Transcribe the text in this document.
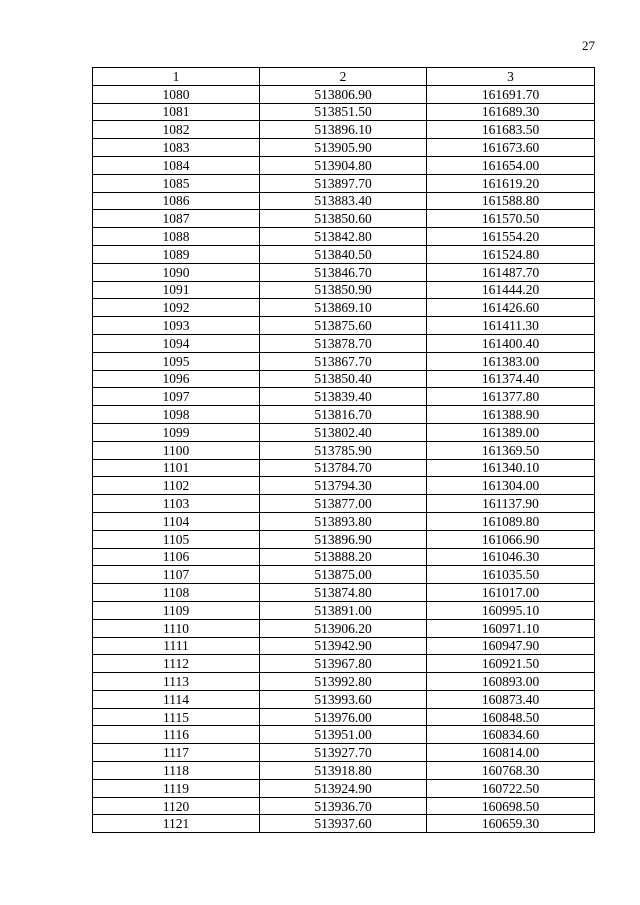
27
1	2	3
1080	513806.90	161691.70
1081	513851.50	161689.30
1082	513896.10	161683.50
1083	513905.90	161673.60
1084	513904.80	161654.00
1085	513897.70	161619.20
1086	513883.40	161588.80
1087	513850.60	161570.50
1088	513842.80	161554.20
1089	513840.50	161524.80
1090	513846.70	161487.70
1091	513850.90	161444.20
1092	513869.10	161426.60
1093	513875.60	161411.30
1094	513878.70	161400.40
1095	513867.70	161383.00
1096	513850.40	161374.40
1097	513839.40	161377.80
1098	513816.70	161388.90
1099	513802.40	161389.00
1100	513785.90	161369.50
1101	513784.70	161340.10
1102	513794.30	161304.00
1103	513877.00	161137.90
1104	513893.80	161089.80
1105	513896.90	161066.90
1106	513888.20	161046.30
1107	513875.00	161035.50
1108	513874.80	161017.00
1109	513891.00	160995.10
1110	513906.20	160971.10
1111	513942.90	160947.90
1112	513967.80	160921.50
1113	513992.80	160893.00
1114	513993.60	160873.40
1115	513976.00	160848.50
1116	513951.00	160834.60
1117	513927.70	160814.00
1118	513918.80	160768.30
1119	513924.90	160722.50
1120	513936.70	160698.50
1121	513937.60	160659.30
